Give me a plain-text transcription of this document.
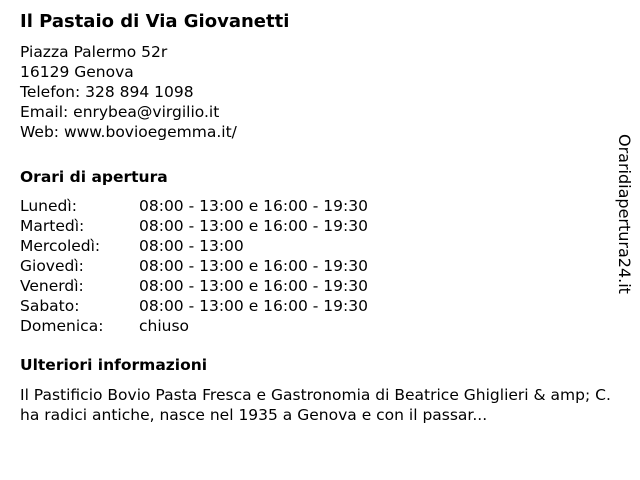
Il Pastaio di Via Giovanetti
Piazza Palermo 52r
16129 Genova
Telefon: 328 894 1098
Email: enrybea@virgilio.it
Web: www.bovioegemma.it/
Orari di apertura
Lunedì:	08:00 - 13:00 e 16:00 - 19:30
Martedì:	08:00 - 13:00 e 16:00 - 19:30
Mercoledì:	08:00 - 13:00
Giovedì:	08:00 - 13:00 e 16:00 - 19:30
Venerdì:	08:00 - 13:00 e 16:00 - 19:30
Sabato:	08:00 - 13:00 e 16:00 - 19:30
Domenica:	chiuso
Ulteriori informazioni
Il Pastificio Bovio Pasta Fresca e Gastronomia di Beatrice Ghiglieri & amp; C. ha radici antiche, nasce nel 1935 a Genova e con il passar...
Oraridiapertura24.it
